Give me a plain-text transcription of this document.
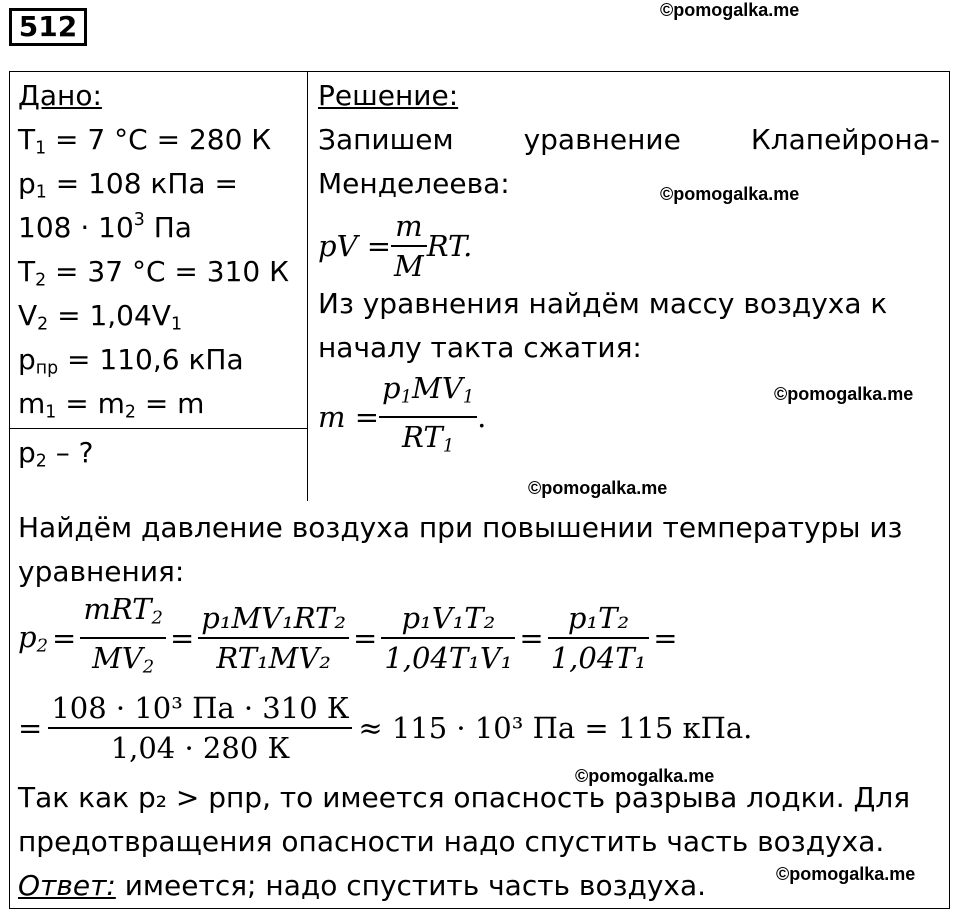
512	©pomogalka.me
Дано:
$T_1 = 7$ °C = 280 К
$p_1 = 108$ кПа =
$108 \cdot 10^3$ Па
$T_2 = 37$ °C = 310 К
$V_2 = 1,04V_1$
$p_{пр} = 110,6$ кПа
$m_1 = m_2 = m$
$p_2$ – ?
Решение:
Запишем уравнение Клапейрона-
Менделеева:	©pomogalka.me
pV = $\frac{m}{M}$ RT.
Из уравнения найдём массу воздуха к
началу такта сжатия:
©pomogalka.me
$m = \frac{p_1MV_1}{RT_1}$ .
©pomogalka.me
Найдём давление воздуха при повышении температуры из
уравнения:
$p_2 = \frac{mRT_2}{MV_2} = \frac{\text{p₁MV₁RT₂}}{\text{RT₁MV₂}} = \frac{\text{p₁V₁T₂}}{\text{1,04T₁V₁}} = \frac{\text{p₁T₂}}{\text{1,04T₁}}$ =
= $\frac{\text{108 · 10³ Па · 310 К}}{1,04 \cdot 280 К} \approx 115 \cdot 10^3$ Па = 115 кПа.
©pomogalka.me
Так как p₂ > pпр, то имеется опасность разрыва лодки. Для
предотвращения опасности надо спустить часть воздуха.
©pomogalka.me
Ответ: имеется; надо спустить часть воздуха.
